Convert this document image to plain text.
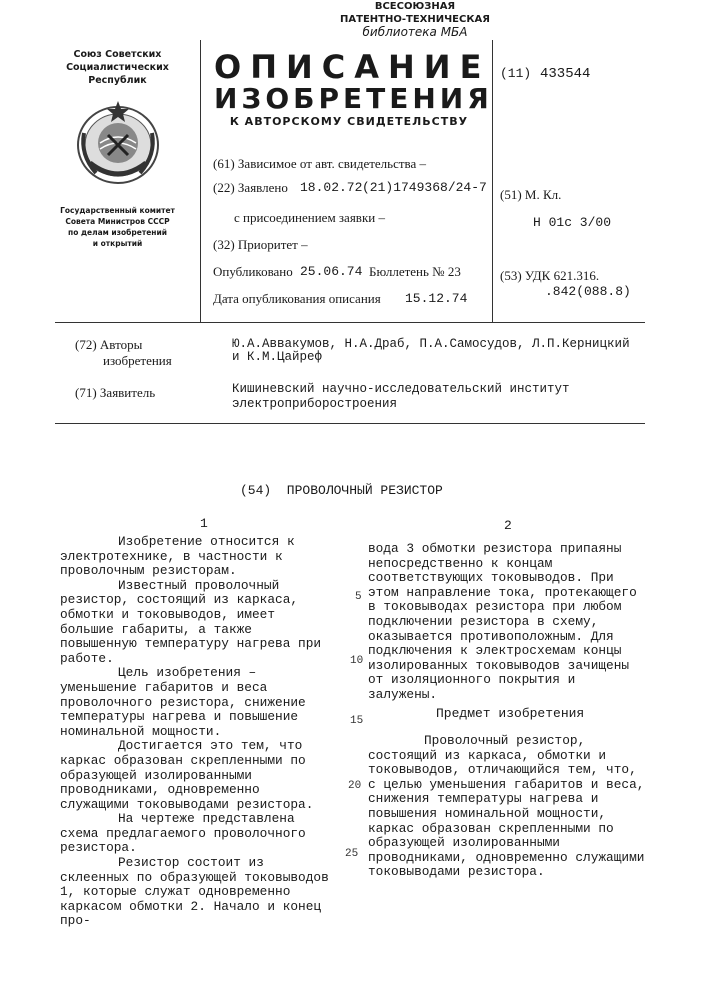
ВСЕСОЮЗНАЯ
ПАТЕНТНО-ТЕХНИЧЕСКАЯ
библиотека МБА
Союз Советских
Социалистических
Республик
Государственный комитет
Совета Министров СССР
по делам изобретений
и открытий
ОПИСАНИЕ
ИЗОБРЕТЕНИЯ
К АВТОРСКОМУ СВИДЕТЕЛЬСТВУ
(11) 433544
(61) Зависимое от авт. свидетельства –
(22) Заявлено 18.02.72 (21)1749368/24-7
с присоединением заявки –
(32) Приоритет –
Опубликовано 25.06.74 Бюллетень № 23
Дата опубликования описания 15.12.74
(51) М. Кл.
H 01c 3/00
(53) УДК 621.316.
.842(088.8)
(72) Авторы
изобретения
Ю.А.Аввакумов, Н.А.Драб, П.А.Самосудов, Л.П.Керницкий
и К.М.Цайреф
(71) Заявитель	Кишиневский научно-исследовательский институт
электроприборостроения
(54)  ПРОВОЛОЧНЫЙ РЕЗИСТОР
1	2

Изобретение относится к электротехнике, в частности к проволочным резисторам.

Известный проволочный резистор, состоящий из каркаса, обмотки и токовыводов, имеет большие габариты, а также повышенную температуру нагрева при работе.

Цель изобретения – уменьшение габаритов и веса проволочного резистора, снижение температуры нагрева и повышение номинальной мощности.

Достигается это тем, что каркас образован скрепленными по образующей изолированными проводниками, одновременно служащими токовыводами резистора.

На чертеже представлена схема предлагаемого проволочного резистора.

Резистор состоит из склеенных по образующей токовыводов 1, которые служат одновременно каркасом обмотки 2. Начало и конец про-

5
10
15
20
25

вода 3 обмотки резистора припаяны непосредственно к концам соответствующих токовыводов. При этом направление токa, протекающего в токовыводах резистора при любом подключении резистора в схему, оказывается противоположным. Для подключения к электросхемам концы изолированных токовыводов зачищены от изоляционного покрытия и залужены.

Предмет изобретения

Проволочный резистор, состоящий из каркаса, обмотки и токовыводов, отличающийся тем, что, с целью уменьшения габаритов и веса, снижения температуры нагрева и повышения номинальной мощности, каркас образован скрепленными по образующей изолированными проводниками, одновременно служащими токовыводами резистора.
